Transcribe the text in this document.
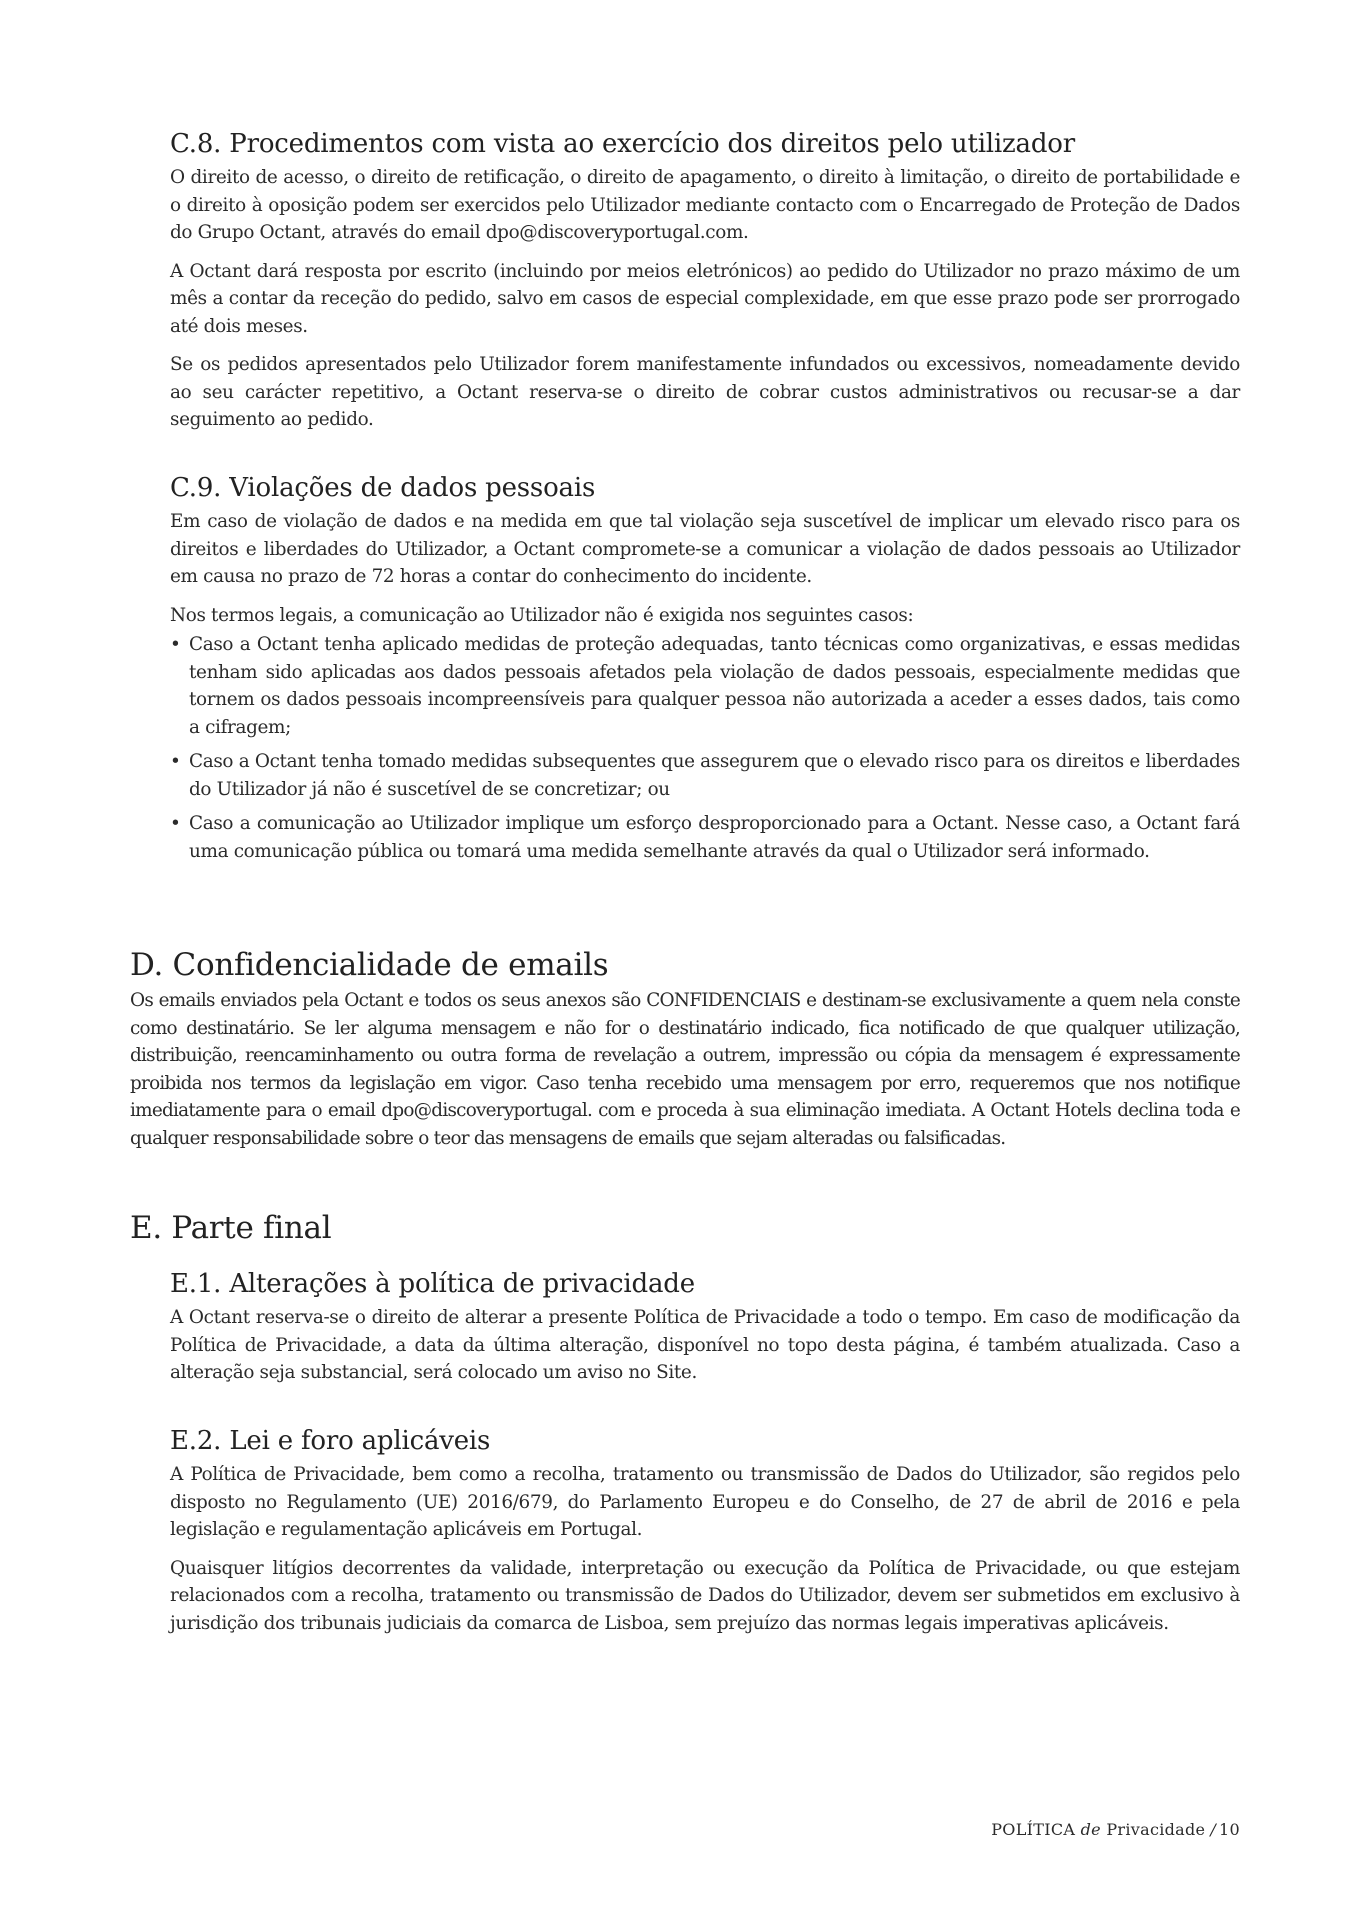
C.8. Procedimentos com vista ao exercício dos direitos pelo utilizador

O direito de acesso, o direito de retificação, o direito de apagamento, o direito à limitação, o direito de portabilidade e o direito à oposição podem ser exercidos pelo Utilizador mediante contacto com o Encarregado de Proteção de Dados do Grupo Octant, através do email dpo@discoveryportugal.com.

A Octant dará resposta por escrito (incluindo por meios eletrónicos) ao pedido do Utilizador no prazo máximo de um mês a contar da receção do pedido, salvo em casos de especial complexidade, em que esse prazo pode ser prorrogado até dois meses.

Se os pedidos apresentados pelo Utilizador forem manifestamente infundados ou excessivos, nomeadamente devido ao seu carácter repetitivo, a Octant reserva-se o direito de cobrar custos administrativos ou recusar-se a dar seguimento ao pedido.

C.9. Violações de dados pessoais

Em caso de violação de dados e na medida em que tal violação seja suscetível de implicar um elevado risco para os direitos e liberdades do Utilizador, a Octant compromete-se a comunicar a violação de dados pessoais ao Utilizador em causa no prazo de 72 horas a contar do conhecimento do incidente.

Nos termos legais, a comunicação ao Utilizador não é exigida nos seguintes casos:

• Caso a Octant tenha aplicado medidas de proteção adequadas, tanto técnicas como organizativas, e essas medidas tenham sido aplicadas aos dados pessoais afetados pela violação de dados pessoais, especialmente medidas que tornem os dados pessoais incompreensíveis para qualquer pessoa não autorizada a aceder a esses dados, tais como a cifragem;
• Caso a Octant tenha tomado medidas subsequentes que assegurem que o elevado risco para os direitos e liberdades do Utilizador já não é suscetível de se concretizar; ou
• Caso a comunicação ao Utilizador implique um esforço desproporcionado para a Octant. Nesse caso, a Octant fará uma comunicação pública ou tomará uma medida semelhante através da qual o Utilizador será informado.
D. Confidencialidade de emails

Os emails enviados pela Octant e todos os seus anexos são CONFIDENCIAIS e destinam-se exclusivamente a quem nela conste como destinatário. Se ler alguma mensagem e não for o destinatário indicado, fica notificado de que qualquer utilização, distribuição, reencaminhamento ou outra forma de revelação a outrem, impressão ou cópia da mensagem é expressamente proibida nos termos da legislação em vigor. Caso tenha recebido uma mensagem por erro, requeremos que nos notifique imediatamente para o email dpo@discoveryportugal. com e proceda à sua eliminação imediata. A Octant Hotels declina toda e qualquer responsabilidade sobre o teor das mensagens de emails que sejam alteradas ou falsificadas.

E. Parte final
E.1. Alterações à política de privacidade

A Octant reserva-se o direito de alterar a presente Política de Privacidade a todo o tempo. Em caso de modificação da Política de Privacidade, a data da última alteração, disponível no topo desta página, é também atualizada. Caso a alteração seja substancial, será colocado um aviso no Site.

E.2. Lei e foro aplicáveis

A Política de Privacidade, bem como a recolha, tratamento ou transmissão de Dados do Utilizador, são regidos pelo disposto no Regulamento (UE) 2016/679, do Parlamento Europeu e do Conselho, de 27 de abril de 2016 e pela legislação e regulamentação aplicáveis em Portugal.

Quaisquer litígios decorrentes da validade, interpretação ou execução da Política de Privacidade, ou que estejam relacionados com a recolha, tratamento ou transmissão de Dados do Utilizador, devem ser submetidos em exclusivo à jurisdição dos tribunais judiciais da comarca de Lisboa, sem prejuízo das normas legais imperativas aplicáveis.

POLÍTICA de Privacidade / 10
